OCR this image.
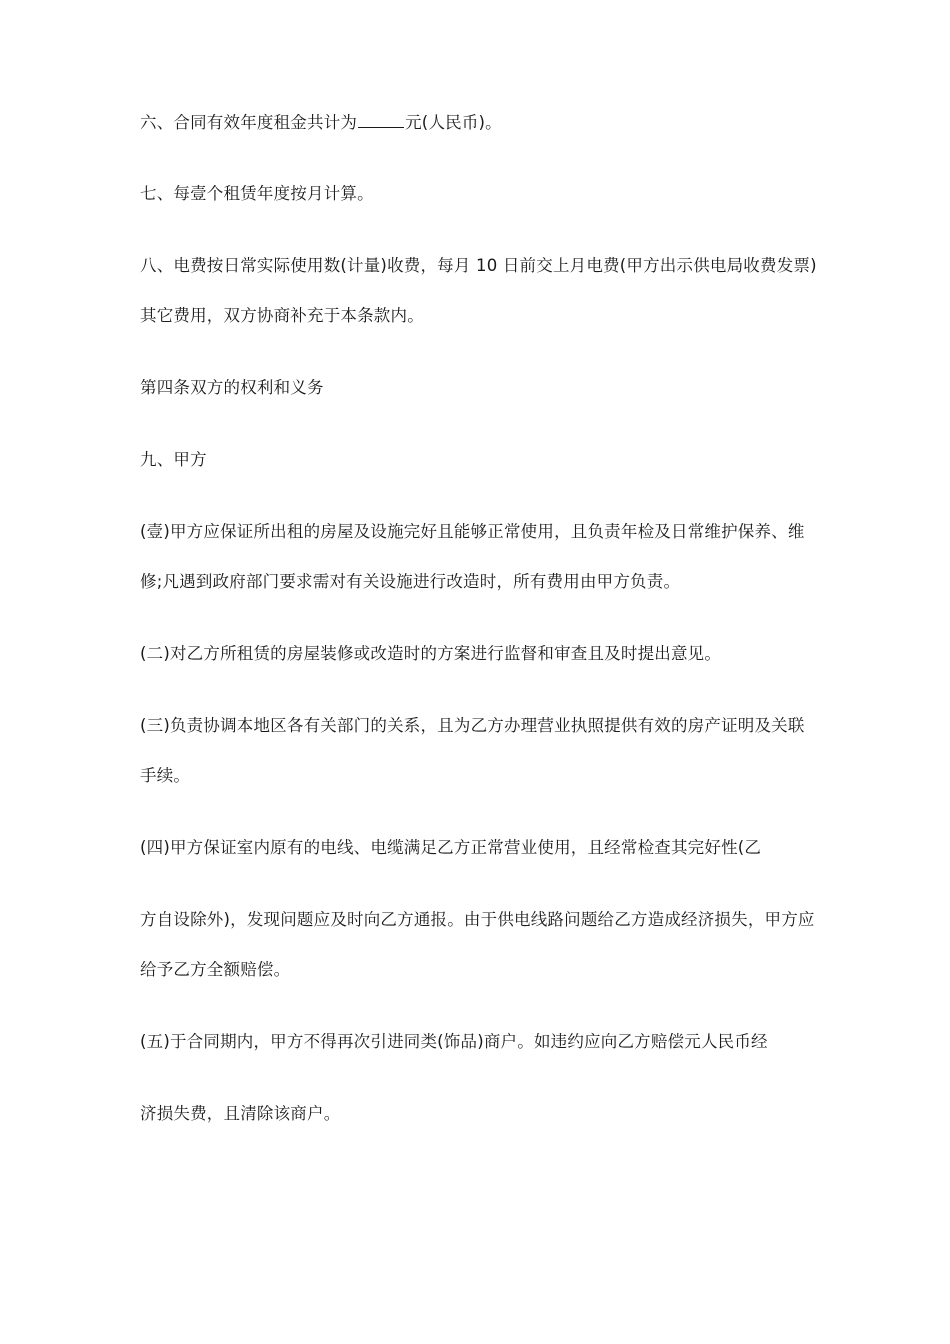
六、合同有效年度租金共计为	元(人民币)。
七、每壹个租赁年度按月计算。
八、电费按日常实际使用数(计量)收费，每月 10 日前交上月电费(甲方出示供电局收费发票)
其它费用，双方协商补充于本条款内。
第四条双方的权利和义务
九、甲方
(壹)甲方应保证所出租的房屋及设施完好且能够正常使用，且负责年检及日常维护保养、维
修;凡遇到政府部门要求需对有关设施进行改造时，所有费用由甲方负责。
(二)对乙方所租赁的房屋装修或改造时的方案进行监督和审查且及时提出意见。
(三)负责协调本地区各有关部门的关系，且为乙方办理营业执照提供有效的房产证明及关联
手续。
(四)甲方保证室内原有的电线、电缆满足乙方正常营业使用，且经常检查其完好性(乙
方自设除外)，发现问题应及时向乙方通报。由于供电线路问题给乙方造成经济损失，甲方应
给予乙方全额赔偿。
(五)于合同期内，甲方不得再次引进同类(饰品)商户。如违约应向乙方赔偿元人民币经
济损失费，且清除该商户。
